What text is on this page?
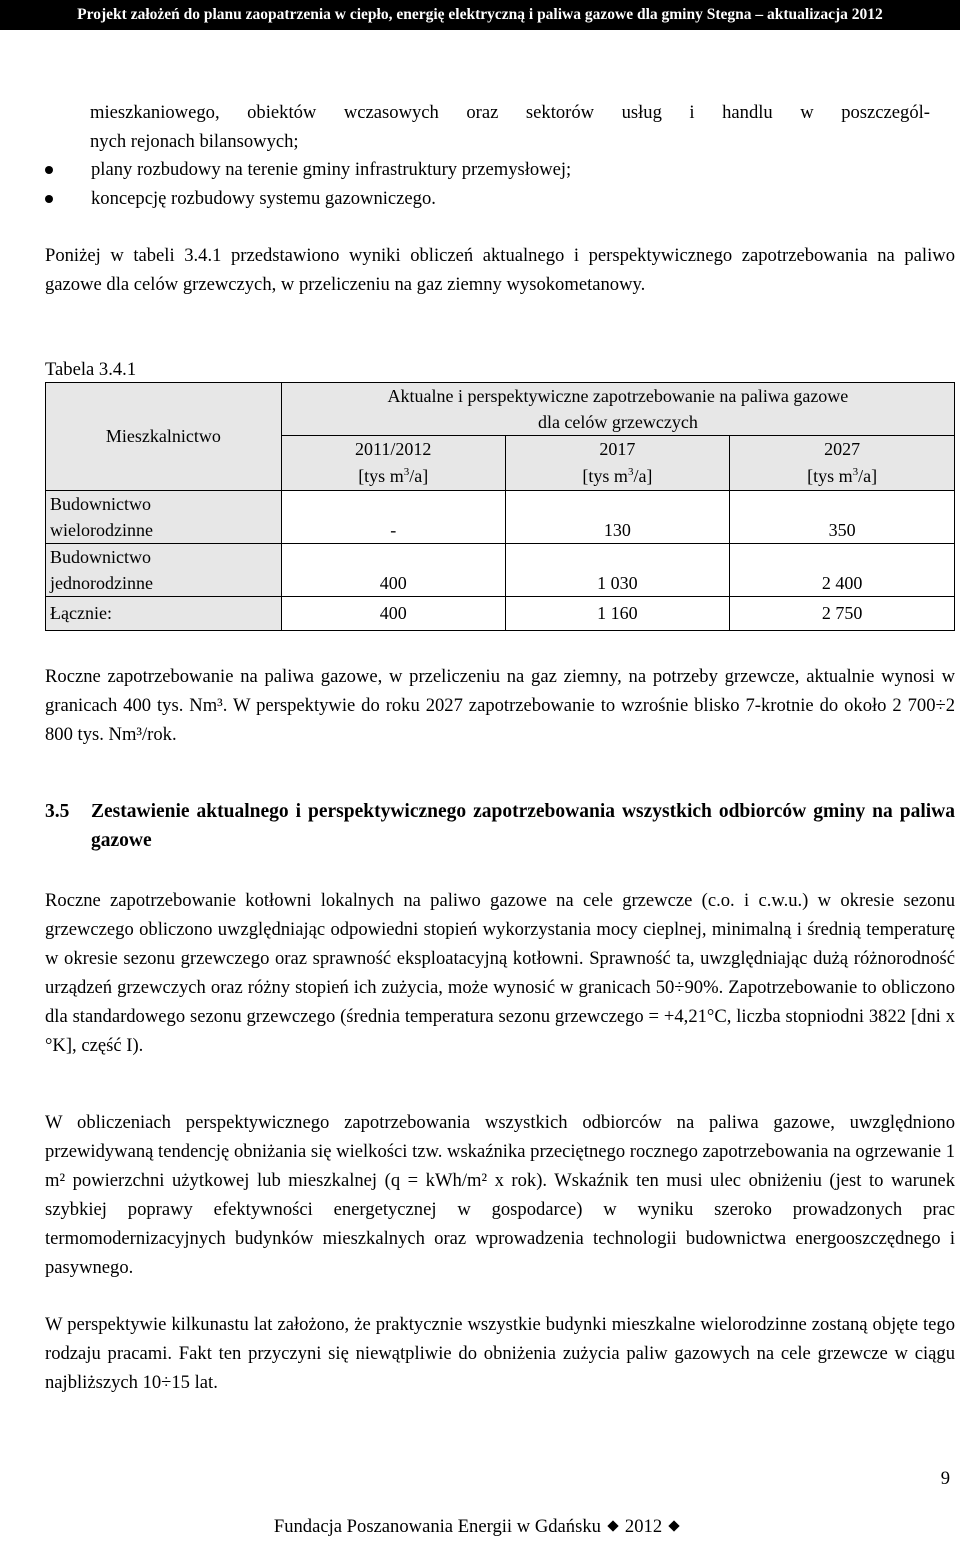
Projekt założeń do planu zaopatrzenia w ciepło, energię elektryczną i paliwa gazowe dla gminy Stegna – aktualizacja 2012

mieszkaniowego, obiektów wczasowych oraz sektorów usług i handlu w poszczegól-

nych rejonach bilansowych;

plany rozbudowy na terenie gminy infrastruktury przemysłowej;
koncepcję rozbudowy systemu gazowniczego.
Poniżej w tabeli 3.4.1 przedstawiono wyniki obliczeń aktualnego i perspektywicznego zapotrzebowania na paliwo gazowe dla celów grzewczych, w przeliczeniu na gaz ziemny wysokometanowy.
Tabela 3.4.1
Mieszkalnictwo	Aktualne i perspektywiczne zapotrzebowanie na paliwa gazowe		
	dla celów grzewczych		
	2011/2012	2017	2027
	[tys $m^3/a$]	[tys $m^3/a$]	[tys $m^3/a$]
Budownictwo	-	130	350
wielorodzinne			
Budownictwo	400	1 030	2 400
jednorodzinne			
Łącznie:	400	1 160	2 750
Roczne zapotrzebowanie na paliwa gazowe, w przeliczeniu na gaz ziemny, na potrzeby grzewcze, aktualnie wynosi w granicach 400 tys. Nm³. W perspektywie do roku 2027 zapotrzebowanie to wzrośnie blisko 7-krotnie do około 2 700÷2 800 tys. Nm³/rok.
3.5 Zestawienie aktualnego i perspektywicznego zapotrzebowania wszystkich odbiorców gminy na paliwa gazowe
Roczne zapotrzebowanie kotłowni lokalnych na paliwo gazowe na cele grzewcze (c.o. i c.w.u.) w okresie sezonu grzewczego obliczono uwzględniając odpowiedni stopień wykorzystania mocy cieplnej, minimalną i średnią temperaturę w okresie sezonu grzewczego oraz sprawność eksploatacyjną kotłowni. Sprawność ta, uwzględniając dużą różnorodność urządzeń grzewczych oraz różny stopień ich zużycia, może wynosić w granicach 50÷90%. Zapotrzebowanie to obliczono dla standardowego sezonu grzewczego (średnia temperatura sezonu grzewczego = +4,21°C, liczba stopniodni 3822 [dni x °K], część I).
W obliczeniach perspektywicznego zapotrzebowania wszystkich odbiorców na paliwa gazowe, uwzględniono przewidywaną tendencję obniżania się wielkości tzw. wskaźnika przeciętnego rocznego zapotrzebowania na ogrzewanie 1 m² powierzchni użytkowej lub mieszkalnej (q = kWh/m² x rok). Wskaźnik ten musi ulec obniżeniu (jest to warunek szybkiej poprawy efektywności energetycznej w gospodarce) w wyniku szeroko prowadzonych prac termomodernizacyjnych budynków mieszkalnych oraz wprowadzenia technologii budownictwa energooszczędnego i pasywnego.
W perspektywie kilkunastu lat założono, że praktycznie wszystkie budynki mieszkalne wielorodzinne zostaną objęte tego rodzaju pracami. Fakt ten przyczyni się niewątpliwie do obniżenia zużycia paliw gazowych na cele grzewcze w ciągu najbliższych 10÷15 lat.
9
Fundacja Poszanowania Energii w Gdańsku 2012
